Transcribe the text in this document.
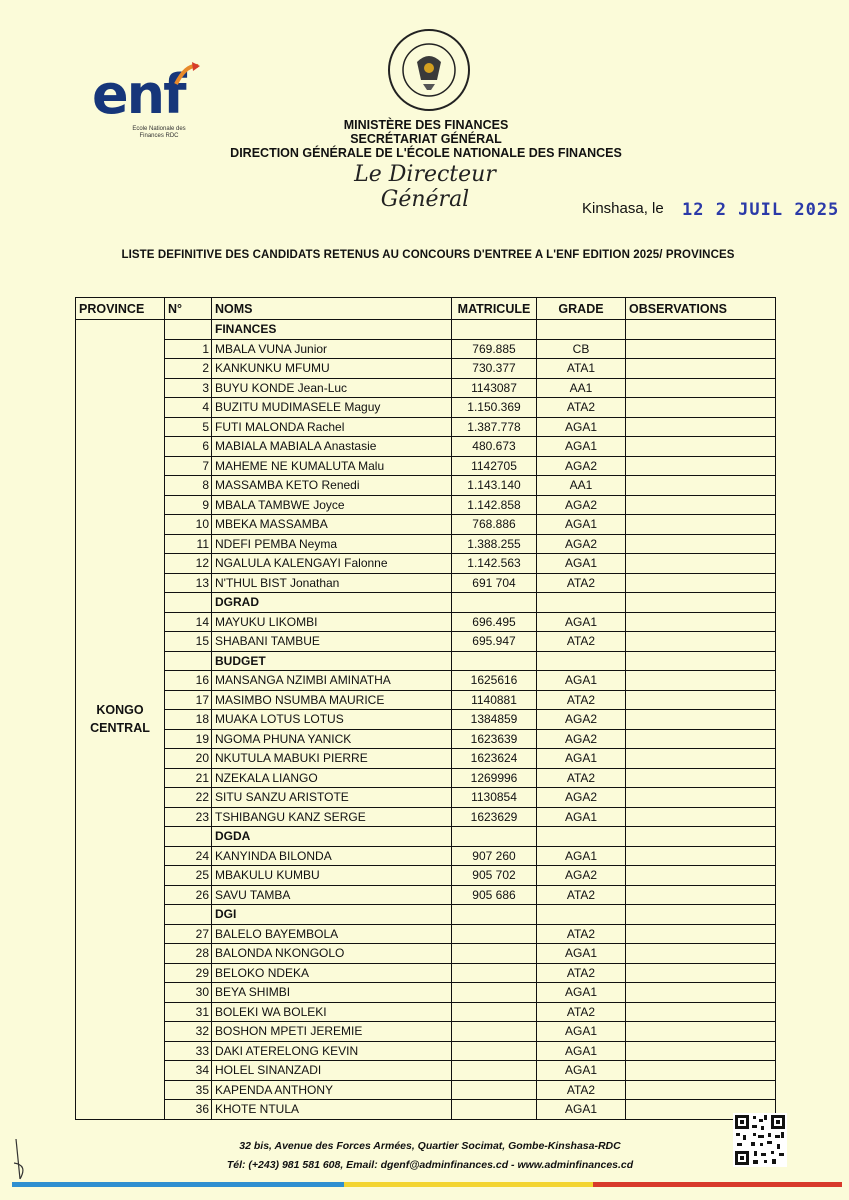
enf
Ecole Nationale des Finances RDC
MINISTÈRE DES FINANCES
SECRÉTARIAT GÉNÉRAL
DIRECTION GÉNÉRALE DE L'ÉCOLE NATIONALE DES FINANCES
Le Directeur Général	Kinshasa, le 12 2 JUIL 2025
LISTE DEFINITIVE DES CANDIDATS RETENUS AU CONCOURS D'ENTREE A L'ENF EDITION 2025/ PROVINCES
PROVINCE	N°	NOMS	MATRICULE	GRADE	OBSERVATIONS
KONGO CENTRAL		FINANCES			
	1	MBALA VUNA Junior	769.885	CB	
	2	KANKUNKU MFUMU	730.377	ATA1	
	3	BUYU KONDE Jean-Luc	1143087	AA1	
	4	BUZITU MUDIMASELE Maguy	1.150.369	ATA2	
	5	FUTI MALONDA Rachel	1.387.778	AGA1	
	6	MABIALA MABIALA Anastasie	480.673	AGA1	
	7	MAHEME NE KUMALUTA Malu	1142705	AGA2	
	8	MASSAMBA KETO Renedi	1.143.140	AA1	
	9	MBALA TAMBWE Joyce	1.142.858	AGA2	
	10	MBEKA MASSAMBA	768.886	AGA1	
	11	NDEFI PEMBA Neyma	1.388.255	AGA2	
	12	NGALULA KALENGAYI Falonne	1.142.563	AGA1	
	13	N'THUL BIST Jonathan	691 704	ATA2	
		DGRAD			
	14	MAYUKU LIKOMBI	696.495	AGA1	
	15	SHABANI TAMBUE	695.947	ATA2	
		BUDGET			
	16	MANSANGA NZIMBI AMINATHA	1625616	AGA1	
	17	MASIMBO NSUMBA MAURICE	1140881	ATA2	
	18	MUAKA LOTUS LOTUS	1384859	AGA2	
	19	NGOMA PHUNA YANICK	1623639	AGA2	
	20	NKUTULA MABUKI PIERRE	1623624	AGA1	
	21	NZEKALA LIANGO	1269996	ATA2	
	22	SITU SANZU ARISTOTE	1130854	AGA2	
	23	TSHIBANGU KANZ SERGE	1623629	AGA1	
		DGDA			
	24	KANYINDA BILONDA	907 260	AGA1	
	25	MBAKULU KUMBU	905 702	AGA2	
	26	SAVU TAMBA	905 686	ATA2	
		DGI			
	27	BALELO BAYEMBOLA		ATA2	
	28	BALONDA NKONGOLO		AGA1	
	29	BELOKO NDEKA		ATA2	
	30	BEYA SHIMBI		AGA1	
	31	BOLEKI WA BOLEKI		ATA2	
	32	BOSHON MPETI JEREMIE		AGA1	
	33	DAKI ATERELONG KEVIN		AGA1	
	34	HOLEL SINANZADI		AGA1	
	35	KAPENDA ANTHONY		ATA2	
	36	KHOTE NTULA		AGA1	
32 bis, Avenue des Forces Armées, Quartier Socimat, Gombe-Kinshasa-RDC
Tél: (+243) 981 581 608, Email: dgenf@adminfinances.cd - www.adminfinances.cd
